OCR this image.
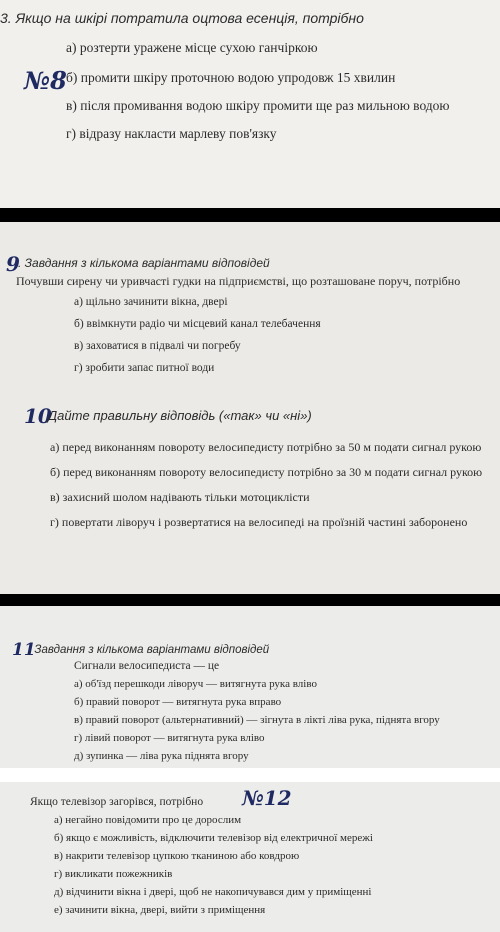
3. Якщо на шкірі потратила оцтова есенція, потрібно
№8
а) розтерти уражене місце сухою ганчіркою
б) промити шкіру проточною водою упродовж 15 хвилин
в) після промивання водою шкіру промити ще раз мильною водою
г) відразу накласти марлеву пов'язку
9
. Завдання з кількома варіантами відповідей
Почувши сирену чи уривчасті гудки на підприємстві, що розташоване поруч, потрібно
а) щільно зачинити вікна, двері
б) ввімкнути радіо чи місцевий канал телебачення
в) заховатися в підвалі чи погребу
г) зробити запас питної води
10
Дайте правильну відповідь («так» чи «ні»)
а) перед виконанням повороту велосипедисту потрібно за 50 м подати сигнал рукою
б) перед виконанням повороту велосипедисту потрібно за 30 м подати сигнал рукою
в) захисний шолом надівають тільки мотоциклісти
г) повертати ліворуч і розвертатися на велосипеді на проїзній частині заборонено
11
. Завдання з кількома варіантами відповідей
Сигнали велосипедиста — це
а) об'їзд перешкоди ліворуч — витягнута рука вліво
б) правий поворот — витягнута рука вправо
в) правий поворот (альтернативний) — зігнута в лікті ліва рука, піднята вгору
г) лівий поворот — витягнута рука вліво
д) зупинка — ліва рука піднята вгору
Якщо телевізор загорівся, потрібно №12
а) негайно повідомити про це дорослим
б) якщо є можливість, відключити телевізор від електричної мережі
в) накрити телевізор цупкою тканиною або ковдрою
г) викликати пожежників
д) відчинити вікна і двері, щоб не накопичувався дим у приміщенні
е) зачинити вікна, двері, вийти з приміщення
